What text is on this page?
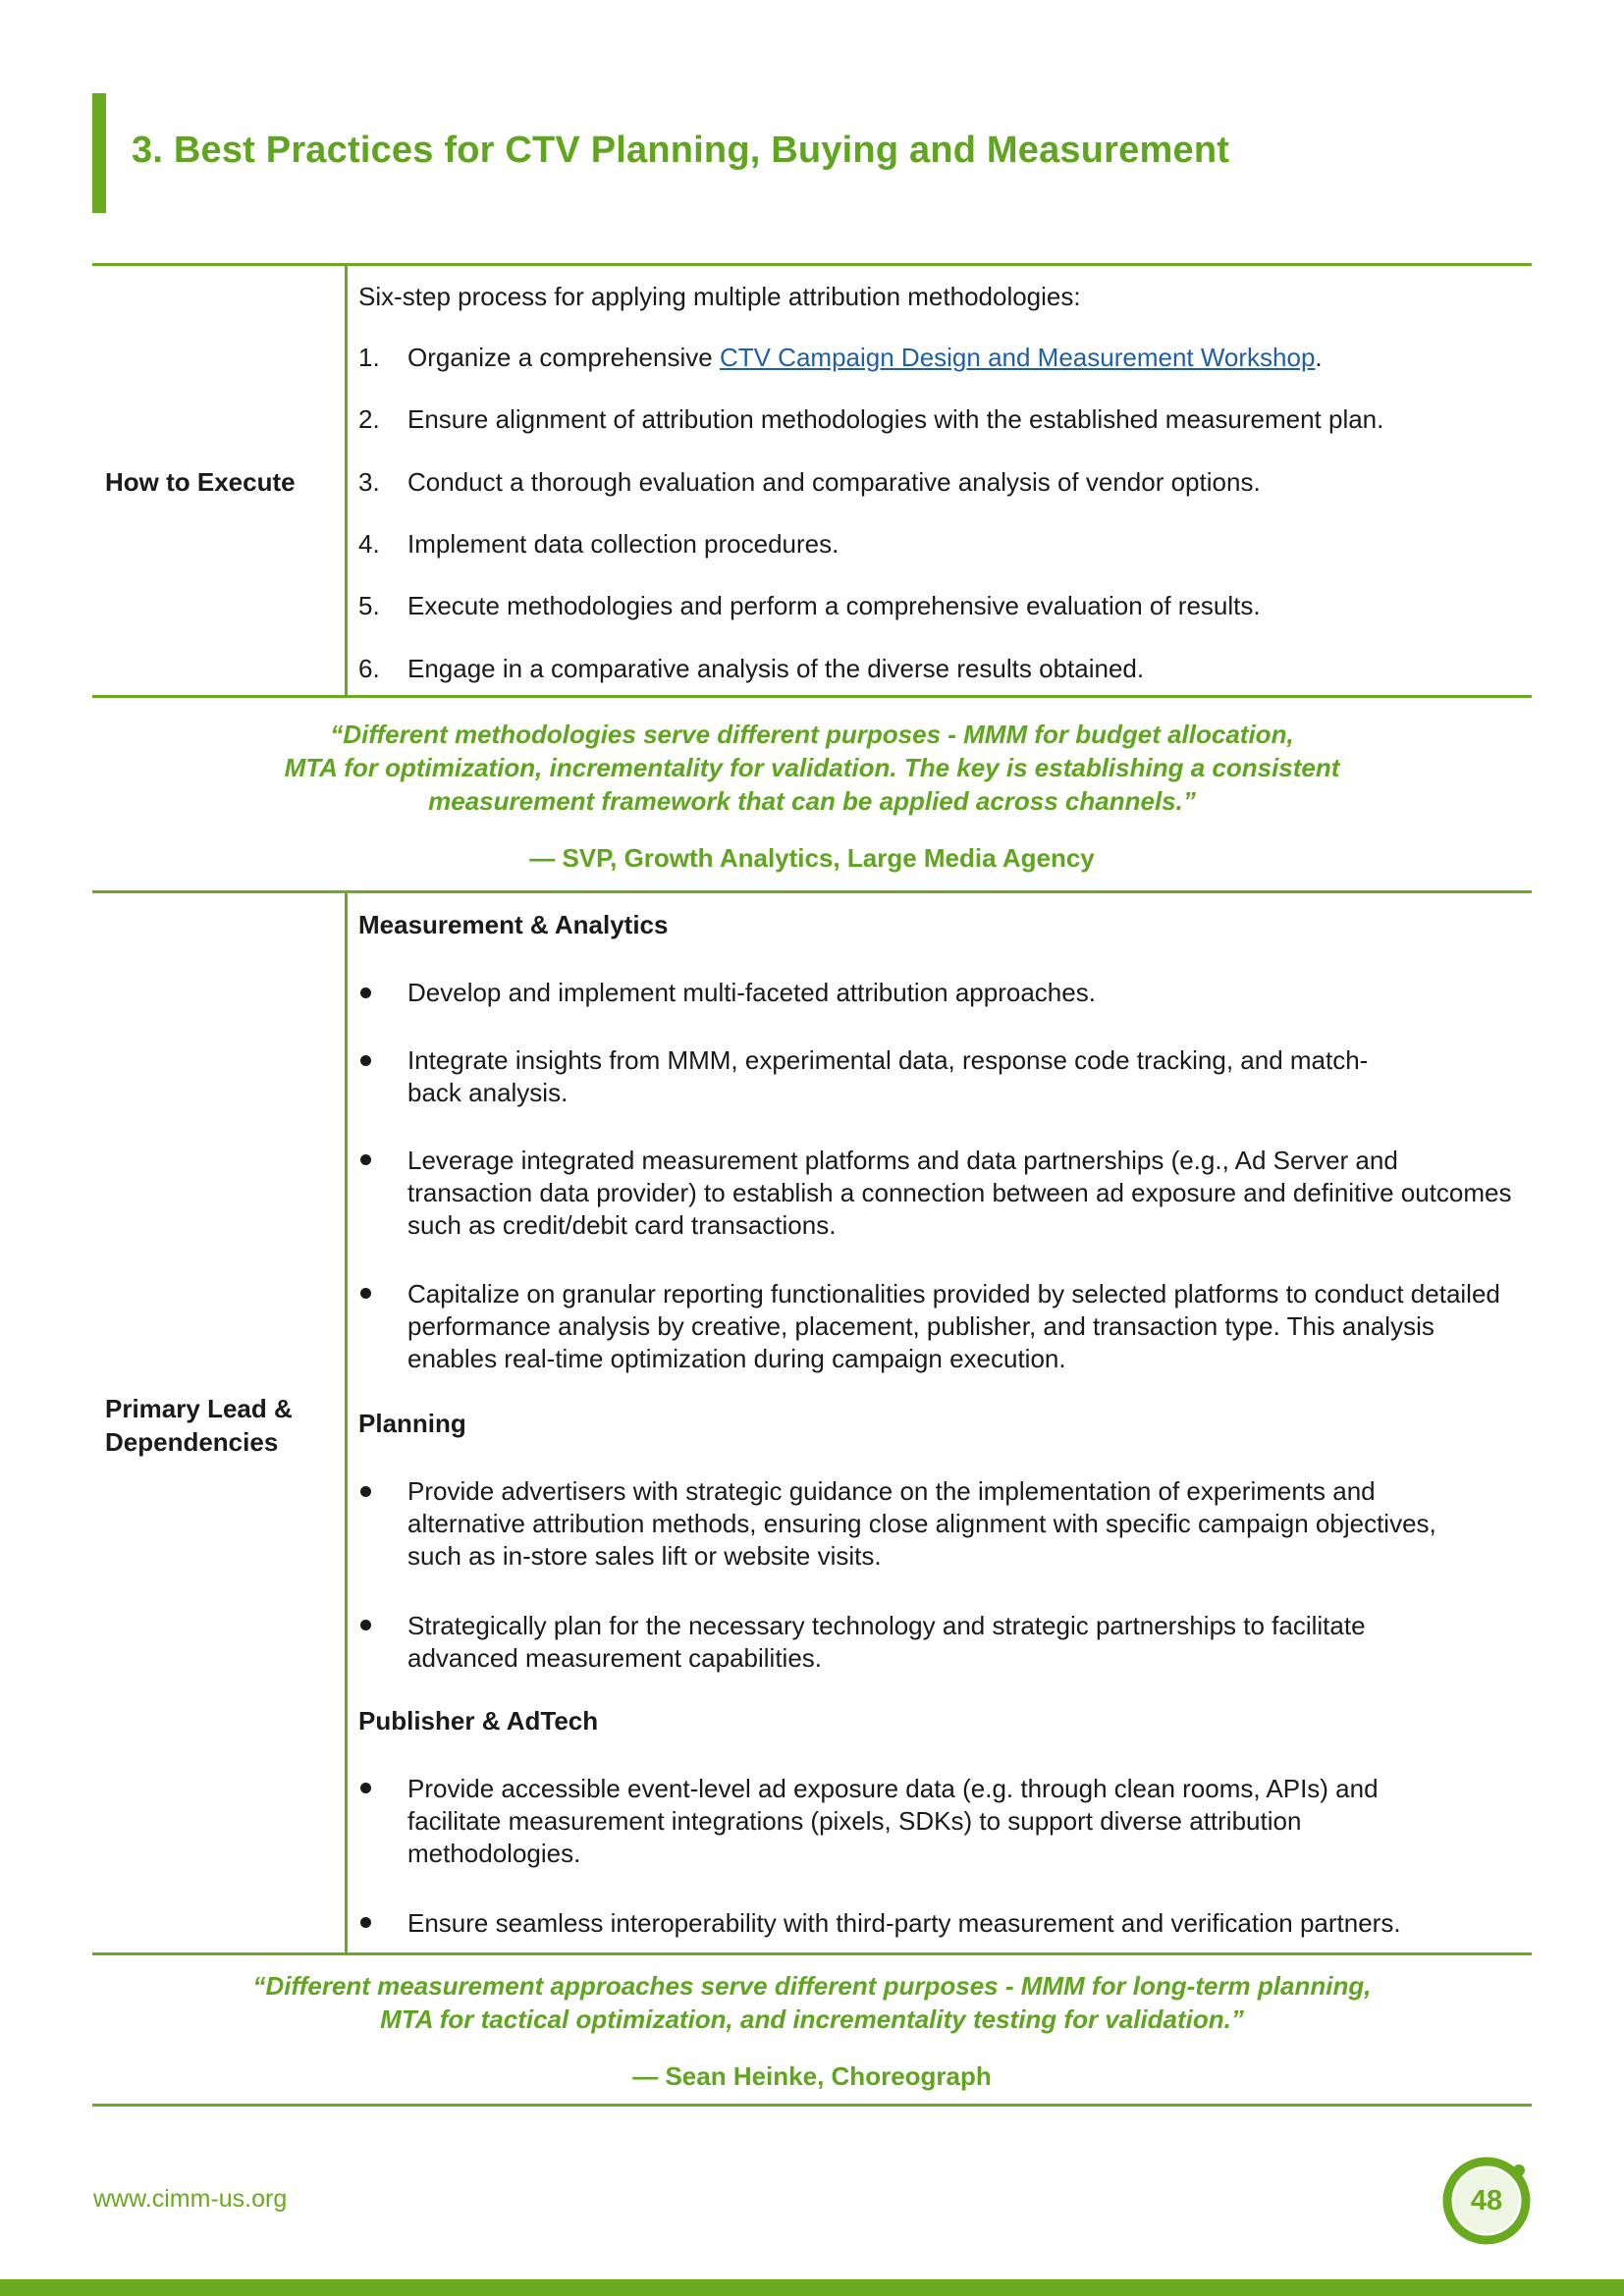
3. Best Practices for CTV Planning, Buying and Measurement
How to Execute
Six-step process for applying multiple attribution methodologies:
1. Organize a comprehensive CTV Campaign Design and Measurement Workshop.
2. Ensure alignment of attribution methodologies with the established measurement plan.
3. Conduct a thorough evaluation and comparative analysis of vendor options.
4. Implement data collection procedures.
5. Execute methodologies and perform a comprehensive evaluation of results.
6. Engage in a comparative analysis of the diverse results obtained.
“Different methodologies serve different purposes - MMM for budget allocation,
MTA for optimization, incrementality for validation. The key is establishing a consistent
measurement framework that can be applied across channels.”
— SVP, Growth Analytics, Large Media Agency
Primary Lead &
Dependencies
Measurement & Analytics
Develop and implement multi-faceted attribution approaches.
Integrate insights from MMM, experimental data, response code tracking, and match-back analysis.
Leverage integrated measurement platforms and data partnerships (e.g., Ad Server and transaction data provider) to establish a connection between ad exposure and definitive outcomes such as credit/debit card transactions.
Capitalize on granular reporting functionalities provided by selected platforms to conduct detailed performance analysis by creative, placement, publisher, and transaction type. This analysis enables real-time optimization during campaign execution.
Planning
Provide advertisers with strategic guidance on the implementation of experiments and alternative attribution methods, ensuring close alignment with specific campaign objectives, such as in-store sales lift or website visits.
Strategically plan for the necessary technology and strategic partnerships to facilitate advanced measurement capabilities.
Publisher & AdTech
Provide accessible event-level ad exposure data (e.g. through clean rooms, APIs) and facilitate measurement integrations (pixels, SDKs) to support diverse attribution methodologies.
Ensure seamless interoperability with third-party measurement and verification partners.
“Different measurement approaches serve different purposes - MMM for long-term planning,
MTA for tactical optimization, and incrementality testing for validation.”
— Sean Heinke, Choreograph
www.cimm-us.org	48
